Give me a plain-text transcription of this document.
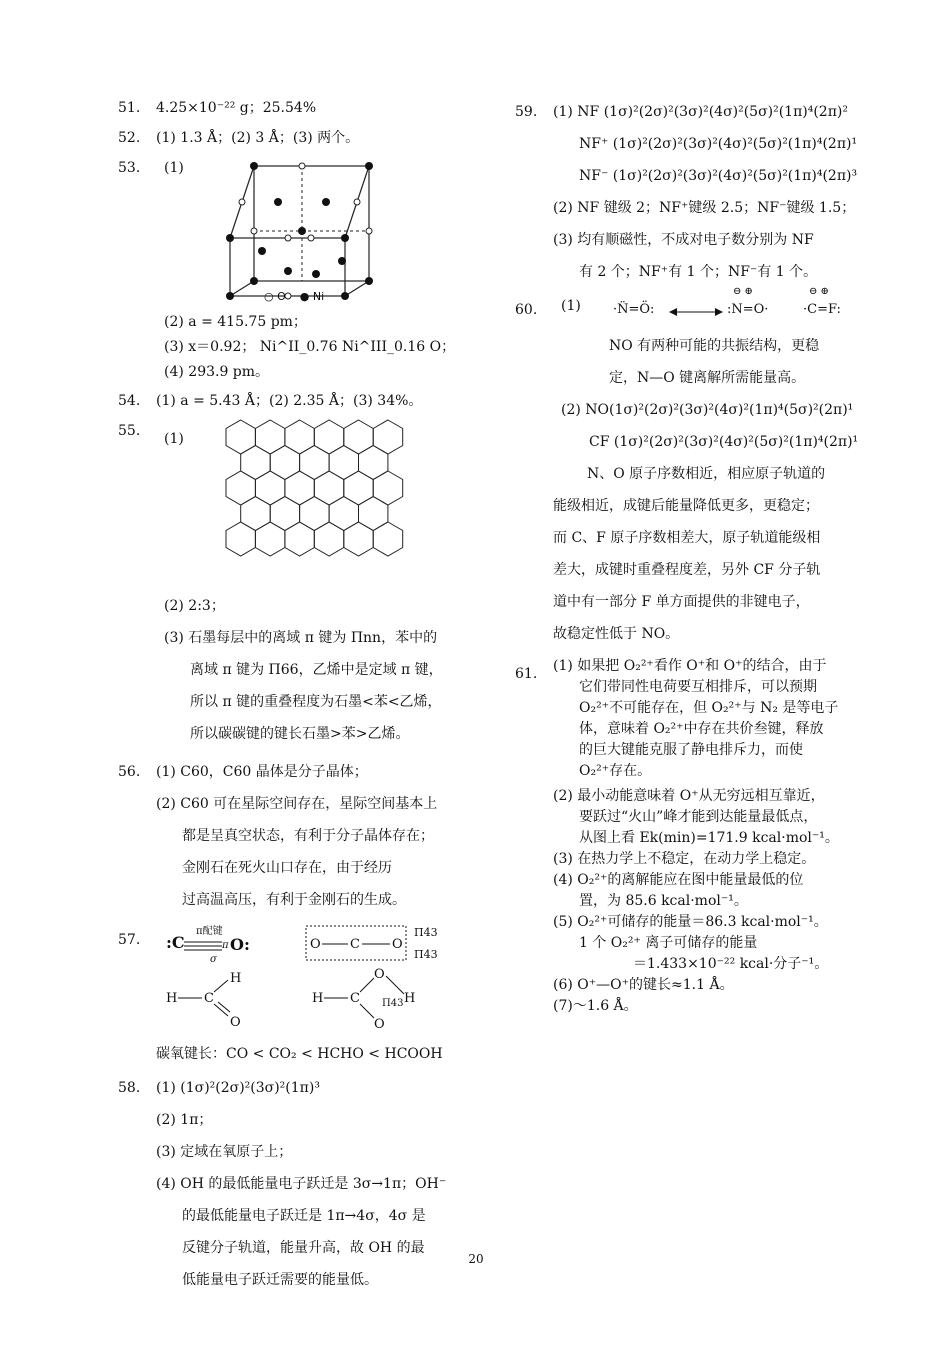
51. 4.25×10⁻²² g；25.54%
52. (1) 1.3 Å；(2) 3 Å；(3) 两个。
53. (1)
○ O ● Ni
(2) a = 415.75 pm；
(3) x＝0.92； Ni^II_0.76 Ni^III_0.16 O；
(4) 293.9 pm。
54. (1) a = 5.43 Å；(2) 2.35 Å；(3) 34%。
55. (1)
(2) 2:3；
(3) 石墨每层中的离域 π 键为 Πnn，苯中的
离域 π 键为 Π66，乙烯中是定域 π 键，
所以 π 键的重叠程度为石墨<苯<乙烯，
所以碳碳键的键长石墨>苯>乙烯。
56. (1) C60，C60 晶体是分子晶体；
(2) C60 可在星际空间存在，星际空间基本上
都是呈真空状态，有利于分子晶体存在；
金刚石在死火山口存在，由于经历
过高温高压，有利于金刚石的生成。
57. :C
π配键
σ
π O:	O C O
Π43
Π43
H C
H
O
H C
O
H
O
Π43
碳氧键长：CO < CO₂ < HCHO < HCOOH
58. (1) (1σ)²(2σ)²(3σ)²(1π)³
(2) 1π；
(3) 定域在氧原子上；
(4) OH 的最低能量电子跃迁是 3σ→1π；OH⁻
的最低能量电子跃迁是 1π→4σ，4σ 是
反键分子轨道，能量升高，故 OH 的最
低能量电子跃迁需要的能量低。
59. (1) NF (1σ)²(2σ)²(3σ)²(4σ)²(5σ)²(1π)⁴(2π)²
NF⁺ (1σ)²(2σ)²(3σ)²(4σ)²(5σ)²(1π)⁴(2π)¹
NF⁻ (1σ)²(2σ)²(3σ)²(4σ)²(5σ)²(1π)⁴(2π)³
(2) NF 键级 2；NF⁺键级 2.5；NF⁻键级 1.5；
(3) 均有顺磁性，不成对电子数分别为 NF
有 2 个；NF⁺有 1 个；NF⁻有 1 个。
60. (1) ·N̈=Ö:	:N=O·	·C=F:
⊖ ⊕	⊖ ⊕
NO 有两种可能的共振结构，更稳
定，N—O 键离解所需能量高。
(2) NO(1σ)²(2σ)²(3σ)²(4σ)²(1π)⁴(5σ)²(2π)¹
CF (1σ)²(2σ)²(3σ)²(4σ)²(5σ)²(1π)⁴(2π)¹
N、O 原子序数相近，相应原子轨道的
能级相近，成键后能量降低更多，更稳定；
而 C、F 原子序数相差大，原子轨道能级相
差大，成键时重叠程度差，另外 CF 分子轨
道中有一部分 F 单方面提供的非键电子，
故稳定性低于 NO。
61. (1) 如果把 O₂²⁺看作 O⁺和 O⁺的结合，由于
它们带同性电荷要互相排斥，可以预期
O₂²⁺不可能存在，但 O₂²⁺与 N₂ 是等电子
体，意味着 O₂²⁺中存在共价叁键，释放
的巨大键能克服了静电排斥力，而使
O₂²⁺存在。
(2) 最小动能意味着 O⁺从无穷远相互靠近，
要跃过“火山”峰才能到达能量最低点，
从图上看 Ek(min)=171.9 kcal·mol⁻¹。
(3) 在热力学上不稳定，在动力学上稳定。
(4) O₂²⁺的离解能应在图中能量最低的位
置，为 85.6 kcal·mol⁻¹。
(5) O₂²⁺可储存的能量＝86.3 kcal·mol⁻¹。
1 个 O₂²⁺ 离子可储存的能量
＝1.433×10⁻²² kcal·分子⁻¹。
(6) O⁺—O⁺的键长≈1.1 Å。
(7)～1.6 Å。
20
